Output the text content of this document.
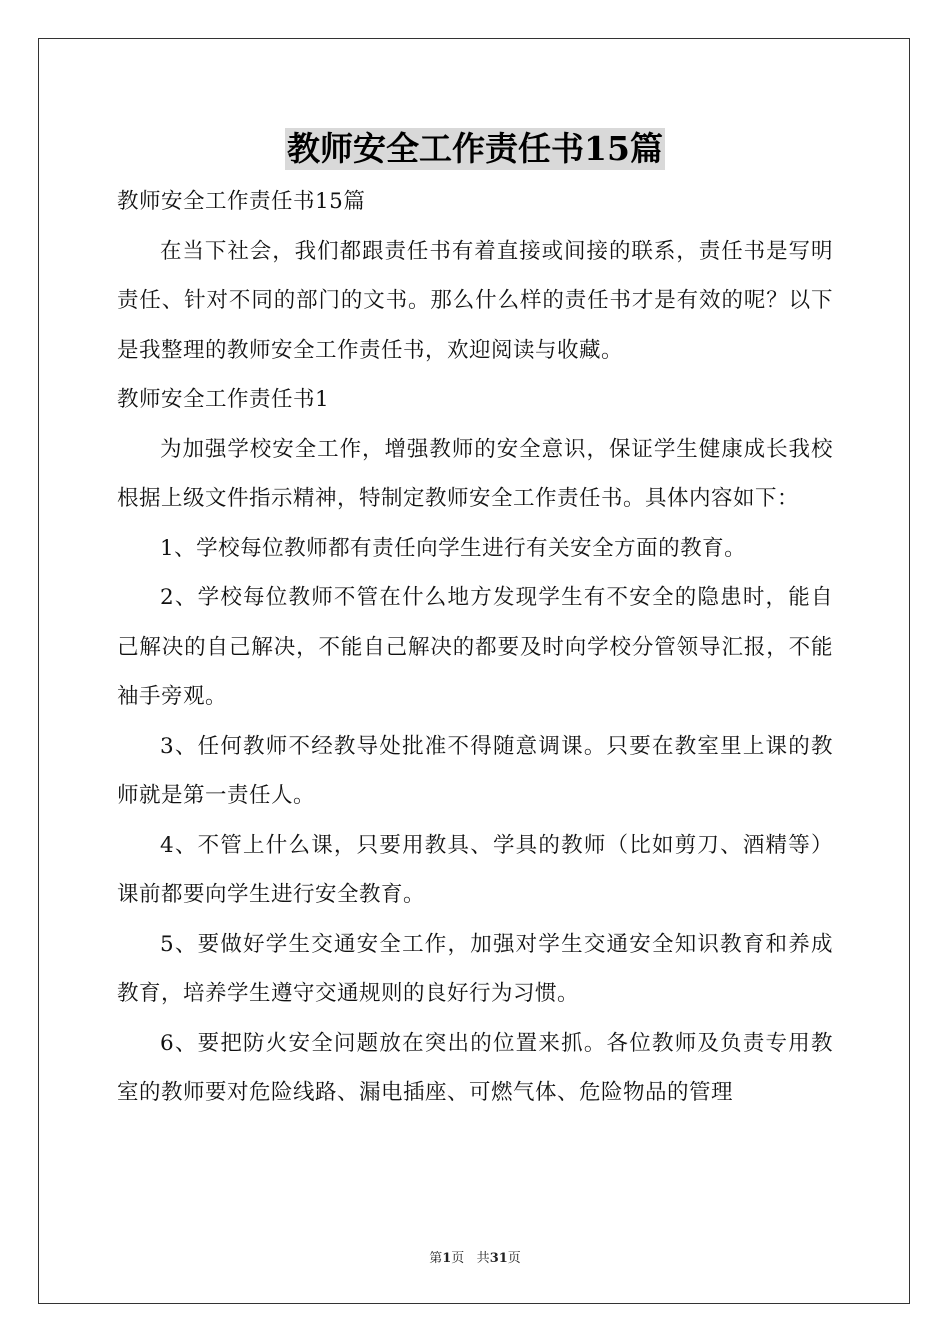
教师安全工作责任书15篇

教师安全工作责任书15篇

在当下社会，我们都跟责任书有着直接或间接的联系，责任书是写明责任、针对不同的部门的文书。那么什么样的责任书才是有效的呢？以下是我整理的教师安全工作责任书，欢迎阅读与收藏。

教师安全工作责任书1

为加强学校安全工作，增强教师的安全意识，保证学生健康成长我校根据上级文件指示精神，特制定教师安全工作责任书。具体内容如下：

1、学校每位教师都有责任向学生进行有关安全方面的教育。

2、学校每位教师不管在什么地方发现学生有不安全的隐患时，能自己解决的自己解决，不能自己解决的都要及时向学校分管领导汇报，不能袖手旁观。

3、任何教师不经教导处批准不得随意调课。只要在教室里上课的教师就是第一责任人。

4、不管上什么课，只要用教具、学具的教师（比如剪刀、酒精等）课前都要向学生进行安全教育。

5、要做好学生交通安全工作，加强对学生交通安全知识教育和养成教育，培养学生遵守交通规则的良好行为习惯。

6、要把防火安全问题放在突出的位置来抓。各位教师及负责专用教室的教师要对危险线路、漏电插座、可燃气体、危险物品的管理

第1页 共31页
